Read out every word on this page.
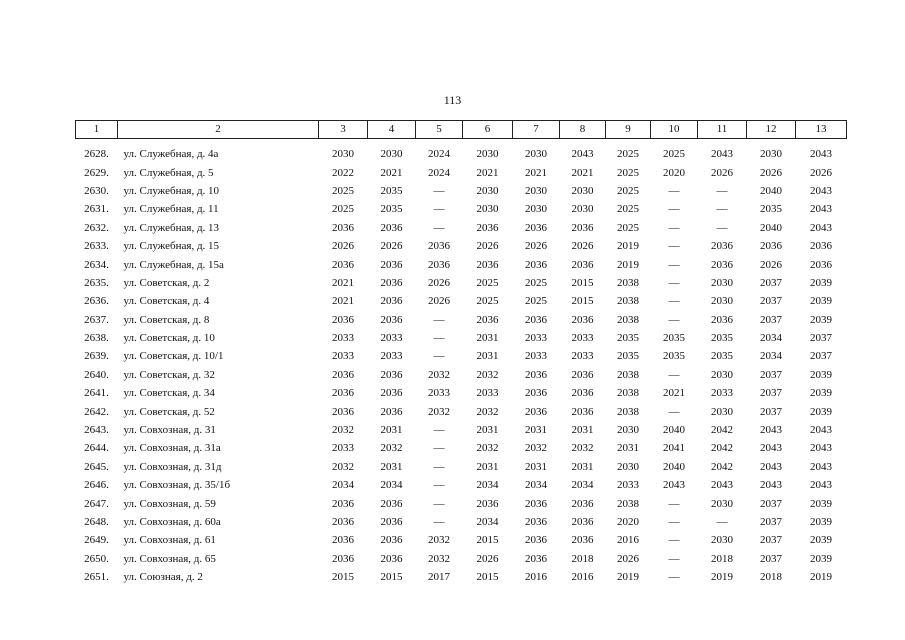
113
1	2	3	4	5	6	7	8	9	10	11	12	13

2628.	ул. Служебная, д. 4а	2030	2030	2024	2030	2030	2043	2025	2025	2043	2030	2043
2629.	ул. Служебная, д. 5	2022	2021	2024	2021	2021	2021	2025	2020	2026	2026	2026
2630.	ул. Служебная, д. 10	2025	2035	—	2030	2030	2030	2025	—	—	2040	2043
2631.	ул. Служебная, д. 11	2025	2035	—	2030	2030	2030	2025	—	—	2035	2043
2632.	ул. Служебная, д. 13	2036	2036	—	2036	2036	2036	2025	—	—	2040	2043
2633.	ул. Служебная, д. 15	2026	2026	2036	2026	2026	2026	2019	—	2036	2036	2036
2634.	ул. Служебная, д. 15а	2036	2036	2036	2036	2036	2036	2019	—	2036	2026	2036
2635.	ул. Советская, д. 2	2021	2036	2026	2025	2025	2015	2038	—	2030	2037	2039
2636.	ул. Советская, д. 4	2021	2036	2026	2025	2025	2015	2038	—	2030	2037	2039
2637.	ул. Советская, д. 8	2036	2036	—	2036	2036	2036	2038	—	2036	2037	2039
2638.	ул. Советская, д. 10	2033	2033	—	2031	2033	2033	2035	2035	2035	2034	2037
2639.	ул. Советская, д. 10/1	2033	2033	—	2031	2033	2033	2035	2035	2035	2034	2037
2640.	ул. Советская, д. 32	2036	2036	2032	2032	2036	2036	2038	—	2030	2037	2039
2641.	ул. Советская, д. 34	2036	2036	2033	2033	2036	2036	2038	2021	2033	2037	2039
2642.	ул. Советская, д. 52	2036	2036	2032	2032	2036	2036	2038	—	2030	2037	2039
2643.	ул. Совхозная, д. 31	2032	2031	—	2031	2031	2031	2030	2040	2042	2043	2043
2644.	ул. Совхозная, д. 31а	2033	2032	—	2032	2032	2032	2031	2041	2042	2043	2043
2645.	ул. Совхозная, д. 31д	2032	2031	—	2031	2031	2031	2030	2040	2042	2043	2043
2646.	ул. Совхозная, д. 35/1б	2034	2034	—	2034	2034	2034	2033	2043	2043	2043	2043
2647.	ул. Совхозная, д. 59	2036	2036	—	2036	2036	2036	2038	—	2030	2037	2039
2648.	ул. Совхозная, д. 60а	2036	2036	—	2034	2036	2036	2020	—	—	2037	2039
2649.	ул. Совхозная, д. 61	2036	2036	2032	2015	2036	2036	2016	—	2030	2037	2039
2650.	ул. Совхозная, д. 65	2036	2036	2032	2026	2036	2018	2026	—	2018	2037	2039
2651.	ул. Союзная, д. 2	2015	2015	2017	2015	2016	2016	2019	—	2019	2018	2019
